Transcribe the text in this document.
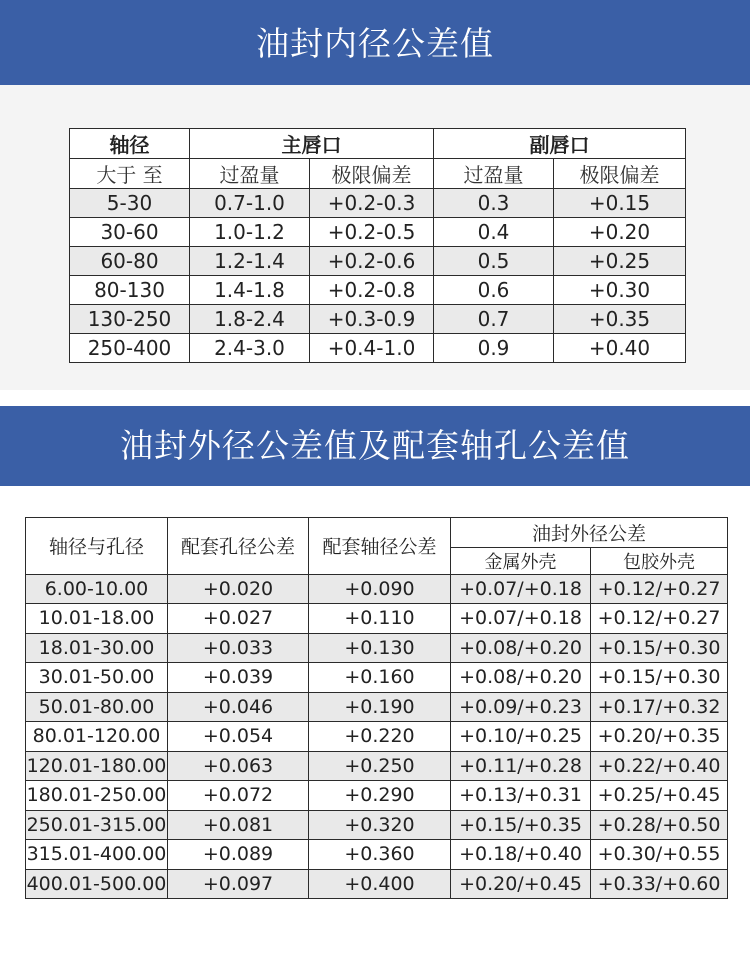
油封内径公差值
轴径	主唇口		副唇口	
大于 至	过盈量	极限偏差	过盈量	极限偏差
5-30	0.7-1.0	+0.2-0.3	0.3	+0.15
30-60	1.0-1.2	+0.2-0.5	0.4	+0.20
60-80	1.2-1.4	+0.2-0.6	0.5	+0.25
80-130	1.4-1.8	+0.2-0.8	0.6	+0.30
130-250	1.8-2.4	+0.3-0.9	0.7	+0.35
250-400	2.4-3.0	+0.4-1.0	0.9	+0.40
油封外径公差值及配套轴孔公差值
轴径与孔径	配套孔径公差	配套轴径公差	油封外径公差	
			金属外壳	包胶外壳
6.00-10.00	+0.020	+0.090	+0.07/+0.18	+0.12/+0.27
10.01-18.00	+0.027	+0.110	+0.07/+0.18	+0.12/+0.27
18.01-30.00	+0.033	+0.130	+0.08/+0.20	+0.15/+0.30
30.01-50.00	+0.039	+0.160	+0.08/+0.20	+0.15/+0.30
50.01-80.00	+0.046	+0.190	+0.09/+0.23	+0.17/+0.32
80.01-120.00	+0.054	+0.220	+0.10/+0.25	+0.20/+0.35
120.01-180.00	+0.063	+0.250	+0.11/+0.28	+0.22/+0.40
180.01-250.00	+0.072	+0.290	+0.13/+0.31	+0.25/+0.45
250.01-315.00	+0.081	+0.320	+0.15/+0.35	+0.28/+0.50
315.01-400.00	+0.089	+0.360	+0.18/+0.40	+0.30/+0.55
400.01-500.00	+0.097	+0.400	+0.20/+0.45	+0.33/+0.60
